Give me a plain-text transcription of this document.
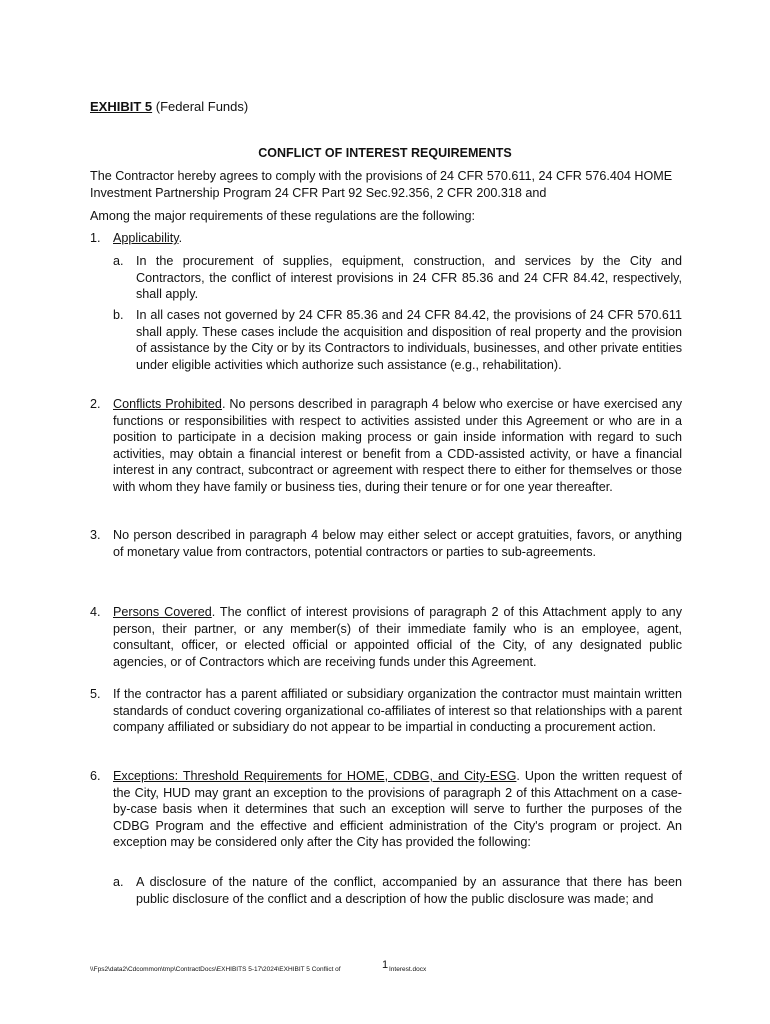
EXHIBIT 5 (Federal Funds)
CONFLICT OF INTEREST REQUIREMENTS
The Contractor hereby agrees to comply with the provisions of 24 CFR 570.611, 24 CFR 576.404 HOME Investment Partnership Program 24 CFR Part 92 Sec.92.356, 2 CFR 200.318 and
Among the major requirements of these regulations are the following:
1. Applicability.
a. In the procurement of supplies, equipment, construction, and services by the City and Contractors, the conflict of interest provisions in 24 CFR 85.36 and 24 CFR 84.42, respectively, shall apply.
b. In all cases not governed by 24 CFR 85.36 and 24 CFR 84.42, the provisions of 24 CFR 570.611 shall apply. These cases include the acquisition and disposition of real property and the provision of assistance by the City or by its Contractors to individuals, businesses, and other private entities under eligible activities which authorize such assistance (e.g., rehabilitation).
2. Conflicts Prohibited. No persons described in paragraph 4 below who exercise or have exercised any functions or responsibilities with respect to activities assisted under this Agreement or who are in a position to participate in a decision making process or gain inside information with regard to such activities, may obtain a financial interest or benefit from a CDD-assisted activity, or have a financial interest in any contract, subcontract or agreement with respect there to either for themselves or those with whom they have family or business ties, during their tenure or for one year thereafter.
3. No person described in paragraph 4 below may either select or accept gratuities, favors, or anything of monetary value from contractors, potential contractors or parties to sub-agreements.
4. Persons Covered. The conflict of interest provisions of paragraph 2 of this Attachment apply to any person, their partner, or any member(s) of their immediate family who is an employee, agent, consultant, officer, or elected official or appointed official of the City, of any designated public agencies, or of Contractors which are receiving funds under this Agreement.
5. If the contractor has a parent affiliated or subsidiary organization the contractor must maintain written standards of conduct covering organizational co-affiliates of interest so that relationships with a parent company affiliated or subsidiary do not appear to be impartial in conducting a procurement action.
6. Exceptions: Threshold Requirements for HOME, CDBG, and City-ESG. Upon the written request of the City, HUD may grant an exception to the provisions of paragraph 2 of this Attachment on a case-by-case basis when it determines that such an exception will serve to further the purposes of the CDBG Program and the effective and efficient administration of the City's program or project. An exception may be considered only after the City has provided the following:
a. A disclosure of the nature of the conflict, accompanied by an assurance that there has been public disclosure of the conflict and a description of how the public disclosure was made; and
\\Fps2\data2\Cdcommon\tmp\ContractDocs\EXHIBITS 5-17\2024\EXHIBIT 5 Conflict of	1 Interest.docx
